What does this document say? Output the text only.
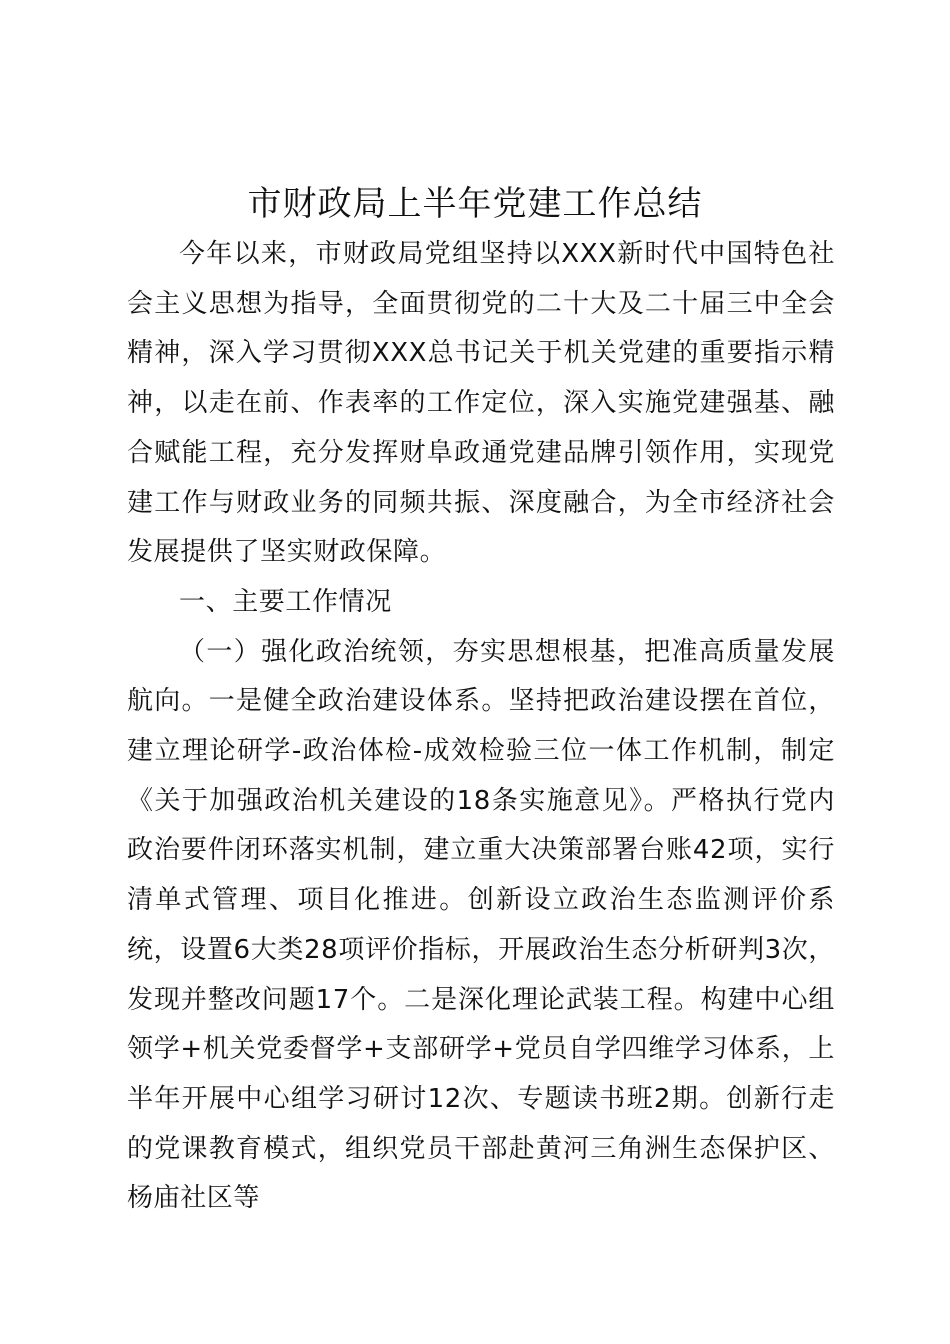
市财政局上半年党建工作总结

今年以来，市财政局党组坚持以XXX新时代中国特色社会主义思想为指导，全面贯彻党的二十大及二十届三中全会精神，深入学习贯彻XXX总书记关于机关党建的重要指示精神，以走在前、作表率的工作定位，深入实施党建强基、融合赋能工程，充分发挥财阜政通党建品牌引领作用，实现党建工作与财政业务的同频共振、深度融合，为全市经济社会发展提供了坚实财政保障。

一、主要工作情况

（一）强化政治统领，夯实思想根基，把准高质量发展航向。一是健全政治建设体系。坚持把政治建设摆在首位，建立理论研学-政治体检-成效检验三位一体工作机制，制定《关于加强政治机关建设的18条实施意见》。严格执行党内政治要件闭环落实机制，建立重大决策部署台账42项，实行清单式管理、项目化推进。创新设立政治生态监测评价系统，设置6大类28项评价指标，开展政治生态分析研判3次，发现并整改问题17个。二是深化理论武装工程。构建中心组领学+机关党委督学+支部研学+党员自学四维学习体系，上半年开展中心组学习研讨12次、专题读书班2期。创新行走的党课教育模式，组织党员干部赴黄河三角洲生态保护区、杨庙社区等
